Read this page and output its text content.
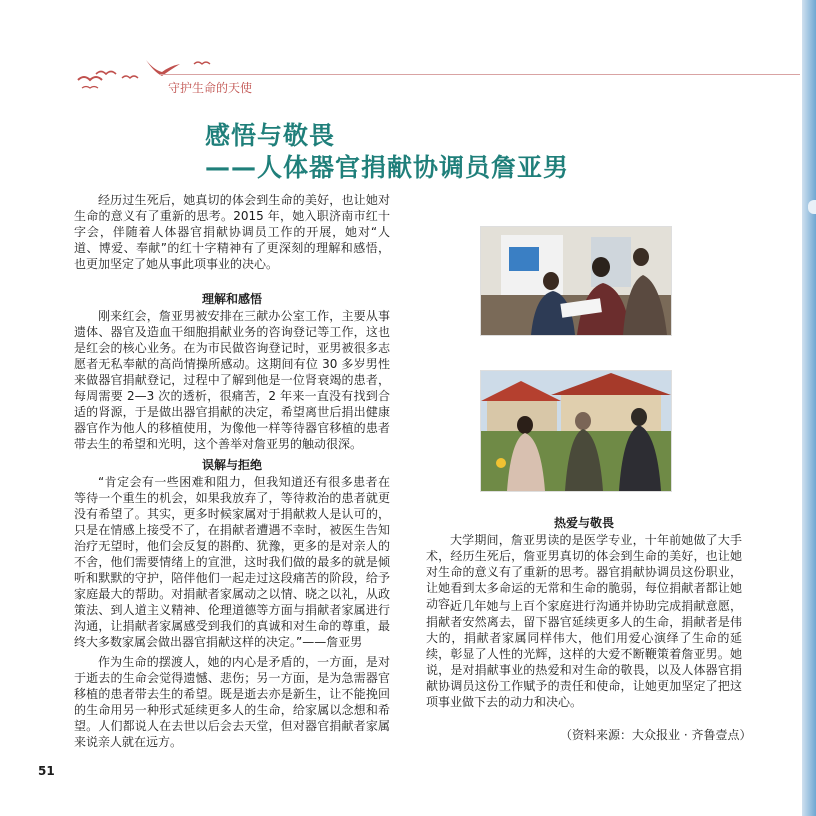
守护生命的天使
感悟与敬畏
——人体器官捐献协调员詹亚男

经历过生死后，她真切的体会到生命的美好，也让她对生命的意义有了重新的思考。2015 年，她入职济南市红十字会，伴随着人体器官捐献协调员工作的开展，她对“人道、博爱、奉献”的红十字精神有了更深刻的理解和感悟，也更加坚定了她从事此项事业的决心。

理解和感悟

刚来红会，詹亚男被安排在三献办公室工作，主要从事遗体、器官及造血干细胞捐献业务的咨询登记等工作，这也是红会的核心业务。在为市民做咨询登记时，亚男被很多志愿者无私奉献的高尚情操所感动。这期间有位 30 多岁男性来做器官捐献登记，过程中了解到他是一位肾衰竭的患者，每周需要 2—3 次的透析，很痛苦，2 年来一直没有找到合适的肾源，于是做出器官捐献的决定，希望离世后捐出健康器官作为他人的移植使用，为像他一样等待器官移植的患者带去生的希望和光明，这个善举对詹亚男的触动很深。

误解与拒绝

“肯定会有一些困难和阻力，但我知道还有很多患者在等待一个重生的机会，如果我放弃了，等待救治的患者就更没有希望了。其实，更多时候家属对于捐献救人是认可的，只是在情感上接受不了，在捐献者遭遇不幸时，被医生告知治疗无望时，他们会反复的斟酌、犹豫，更多的是对亲人的不舍，他们需要情绪上的宣泄，这时我们做的最多的就是倾听和默默的守护，陪伴他们一起走过这段痛苦的阶段，给予家庭最大的帮助。对捐献者家属动之以情、晓之以礼，从政策法、到人道主义精神、伦理道德等方面与捐献者家属进行沟通，让捐献者家属感受到我们的真诚和对生命的尊重，最终大多数家属会做出器官捐献这样的决定。”——詹亚男

作为生命的摆渡人，她的内心是矛盾的，一方面，是对于逝去的生命会觉得遗憾、悲伤；另一方面，是为急需器官移植的患者带去生的希望。既是逝去亦是新生，让不能挽回的生命用另一种形式延续更多人的生命，给家属以念想和希望。人们都说人在去世以后会去天堂，但对器官捐献者家属来说亲人就在远方。

热爱与敬畏

大学期间，詹亚男读的是医学专业，十年前她做了大手术，经历生死后，詹亚男真切的体会到生命的美好，也让她对生命的意义有了重新的思考。器官捐献协调员这份职业，让她看到太多命运的无常和生命的脆弱，每位捐献者都让她动容。

近几年她与上百个家庭进行沟通并协助完成捐献意愿，捐献者安然离去，留下器官延续更多人的生命，捐献者是伟大的，捐献者家属同样伟大，他们用爱心演绎了生命的延续，彰显了人性的光辉，这样的大爱不断鞭策着詹亚男。她说，是对捐献事业的热爱和对生命的敬畏，以及人体器官捐献协调员这份工作赋予的责任和使命，让她更加坚定了把这项事业做下去的动力和决心。

（资料来源：大众报业 · 齐鲁壹点）
51
